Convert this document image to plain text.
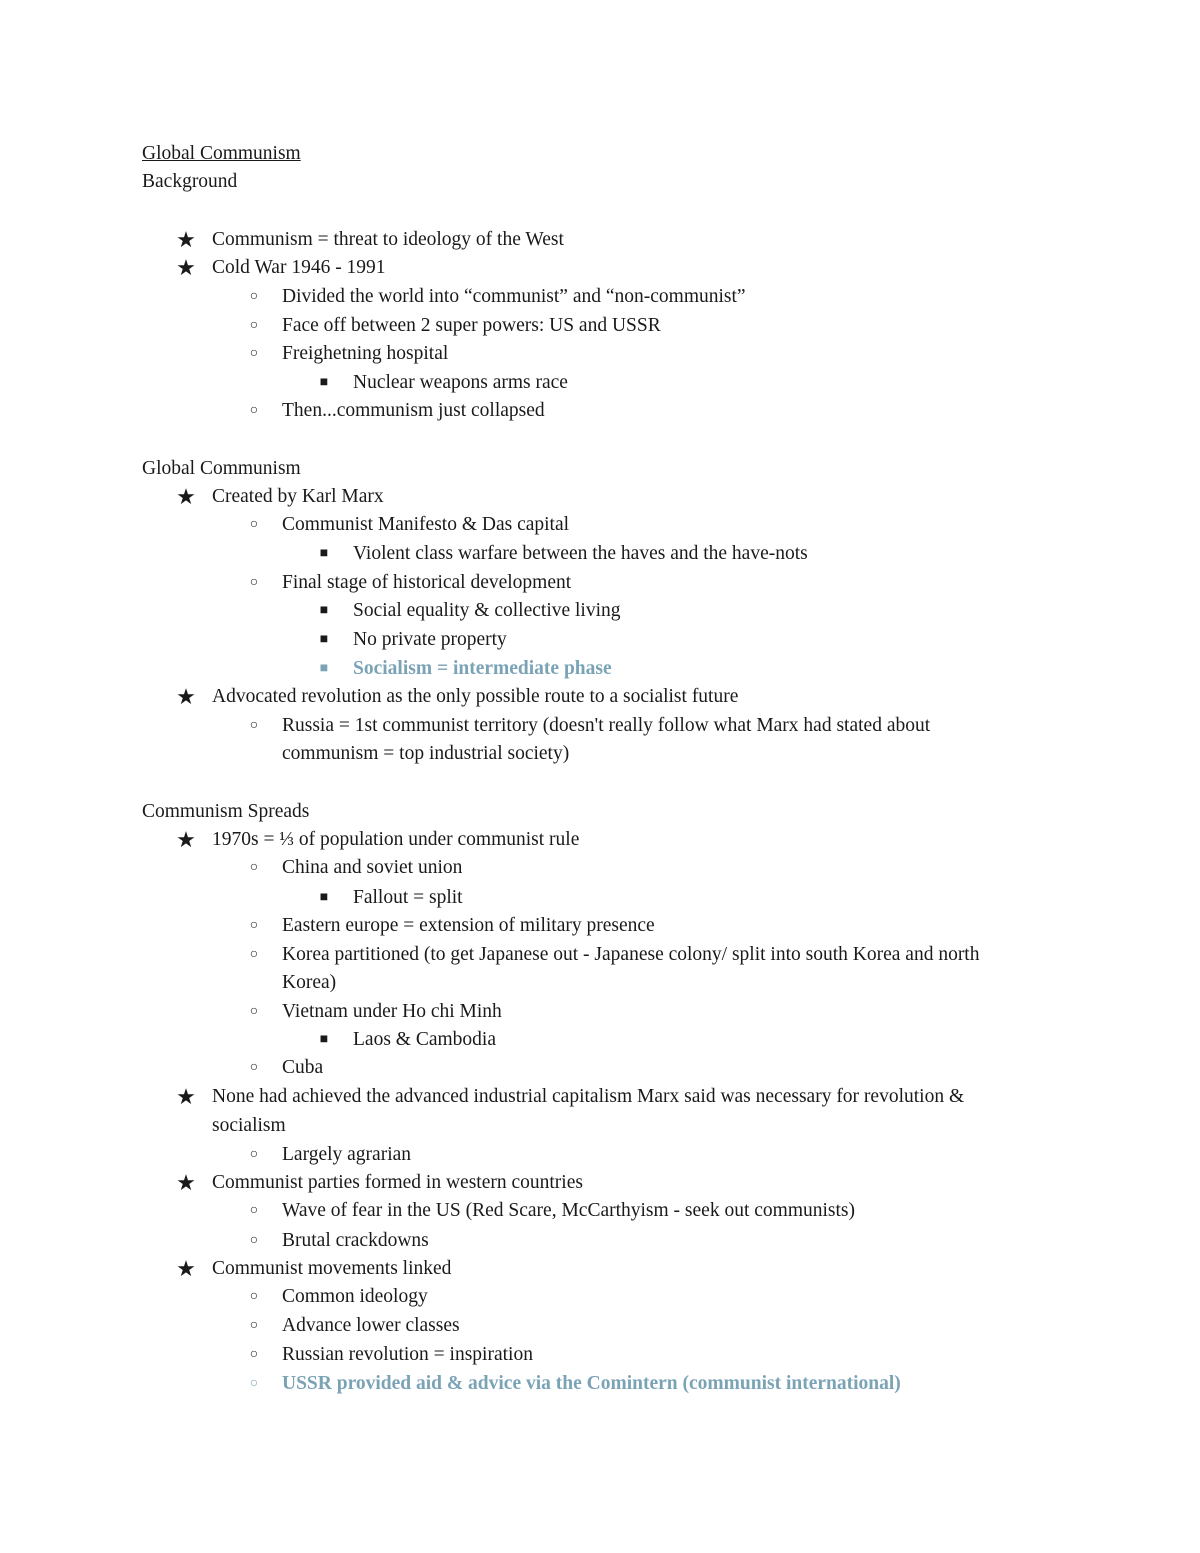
Global Communism
Background
★ Communism = threat to ideology of the West
★ Cold War 1946 - 1991
○	Divided the world into “communist” and “non-communist”
○	Face off between 2 super powers: US and USSR
○	Freighetning hospital
■	Nuclear weapons arms race
○	Then...communism just collapsed
Global Communism
★ Created by Karl Marx
○	Communist Manifesto & Das capital
■	Violent class warfare between the haves and the have-nots
○	Final stage of historical development
■	Social equality & collective living
■	No private property
■	Socialism = intermediate phase
★ Advocated revolution as the only possible route to a socialist future
○	Russia = 1st communist territory (doesn't really follow what Marx had stated about
communism = top industrial society)
Communism Spreads
★ 1970s = ⅓ of population under communist rule
○	China and soviet union
■	Fallout = split
○	Eastern europe = extension of military presence
○	Korea partitioned (to get Japanese out - Japanese colony/ split into south Korea and north
Korea)
○	Vietnam under Ho chi Minh
■	Laos & Cambodia
○	Cuba
★ None had achieved the advanced industrial capitalism Marx said was necessary for revolution &
socialism
○	Largely agrarian
★ Communist parties formed in western countries
○	Wave of fear in the US (Red Scare, McCarthyism - seek out communists)
○	Brutal crackdowns
★ Communist movements linked
○	Common ideology
○	Advance lower classes
○	Russian revolution = inspiration
○	USSR provided aid & advice via the Comintern (communist international)
